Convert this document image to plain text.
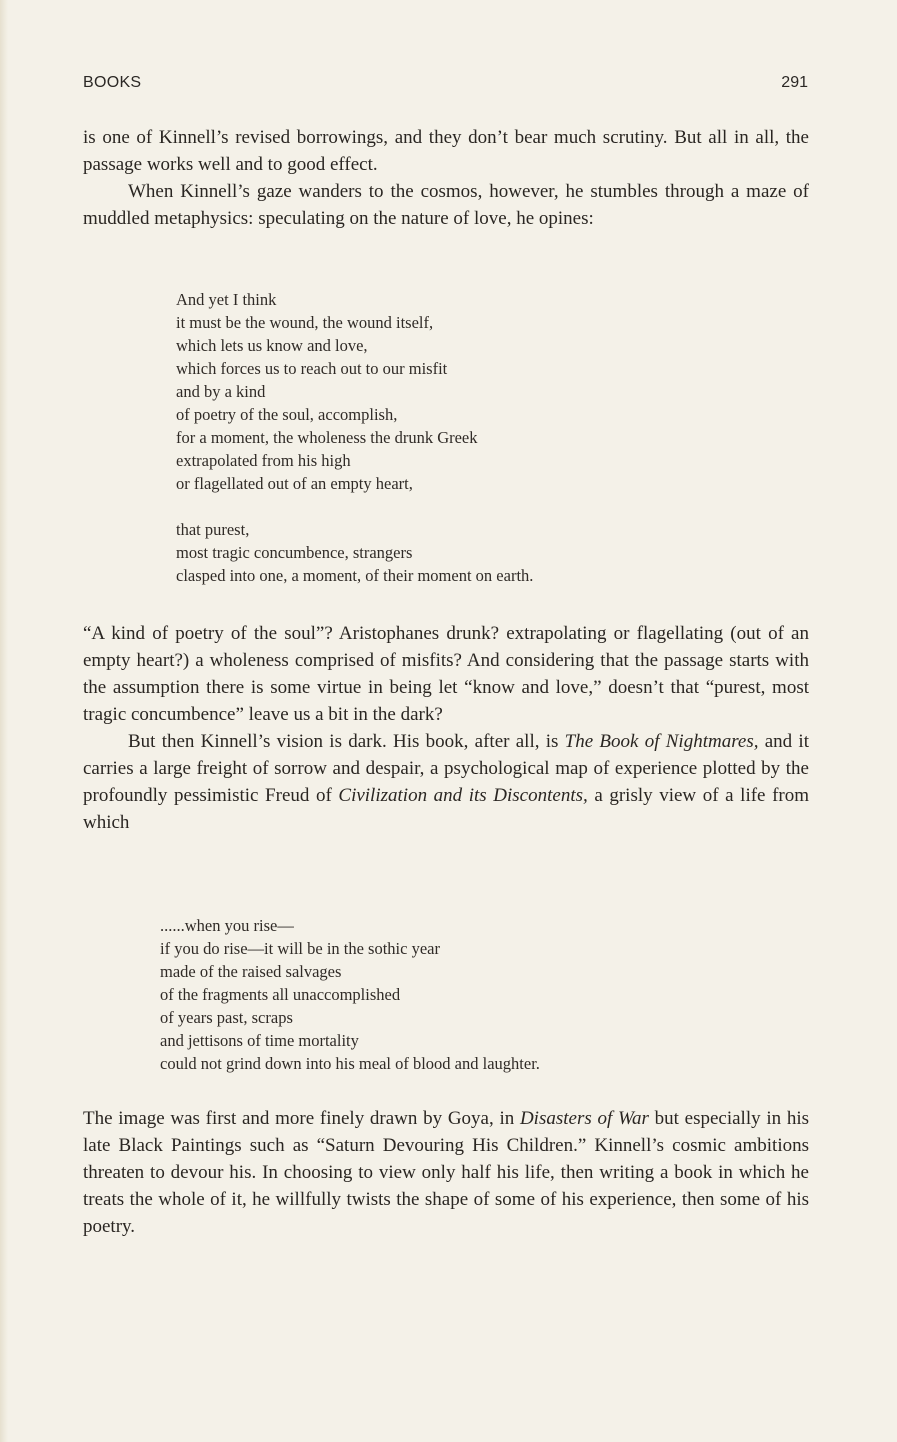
BOOKS	291

is one of Kinnell’s revised borrowings, and they don’t bear much scrutiny. But all in all, the passage works well and to good effect.

When Kinnell’s gaze wanders to the cosmos, however, he stumbles through a maze of muddled metaphysics: speculating on the nature of love, he opines:

And yet I think
it must be the wound, the wound itself,
which lets us know and love,
which forces us to reach out to our misfit
and by a kind
of poetry of the soul, accomplish,
for a moment, the wholeness the drunk Greek
extrapolated from his high
or flagellated out of an empty heart,
that purest,
most tragic concumbence, strangers
clasped into one, a moment, of their moment on earth.

“A kind of poetry of the soul”? Aristophanes drunk? extrapolating or flagellating (out of an empty heart?) a wholeness comprised of misfits? And considering that the passage starts with the assumption there is some virtue in being let “know and love,” doesn’t that “purest, most tragic concumbence” leave us a bit in the dark?

But then Kinnell’s vision is dark. His book, after all, is The Book of Nightmares, and it carries a large freight of sorrow and despair, a psychological map of experience plotted by the profoundly pessimistic Freud of Civilization and its Discontents, a grisly view of a life from which

......when you rise—
if you do rise—it will be in the sothic year
made of the raised salvages
of the fragments all unaccomplished
of years past, scraps
and jettisons of time mortality
could not grind down into his meal of blood and laughter.

The image was first and more finely drawn by Goya, in Disasters of War but especially in his late Black Paintings such as “Saturn Devouring His Children.” Kinnell’s cosmic ambitions threaten to devour his. In choosing to view only half his life, then writing a book in which he treats the whole of it, he willfully twists the shape of some of his experience, then some of his poetry.
